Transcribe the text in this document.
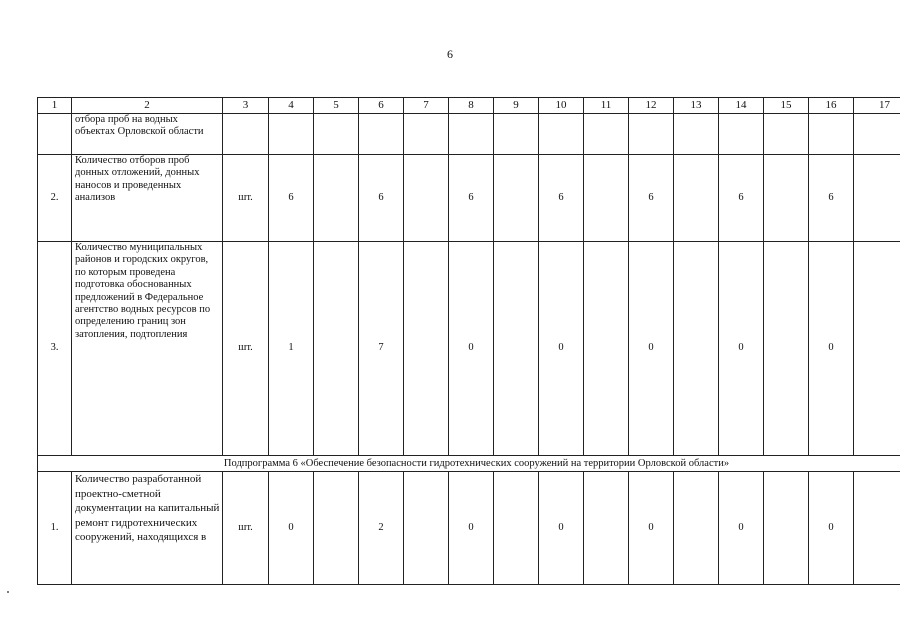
6
1	2	3	4	5	6	7	8	9	10	11	12	13	14	15	16	17
	отбора проб на водных объектах Орловской области															
2.	Количество отборов проб донных отложений, донных наносов и проведенных анализов	шт.	6		6		6		6		6		6		6	
3.	Количество муниципальных районов и городских округов, по которым проведена подготовка обоснованных предложений в Федеральное агентство водных ресурсов по определению границ зон затопления, подтопления	шт.	1		7		0		0		0		0		0	
Подпрограмма 6 «Обеспечение безопасности гидротехнических сооружений на территории Орловской области»																
1.	Количество разработанной проектно-сметной документации на капитальный ремонт гидротехнических сооружений, находящихся в	шт.	0		2		0		0		0		0		0	
